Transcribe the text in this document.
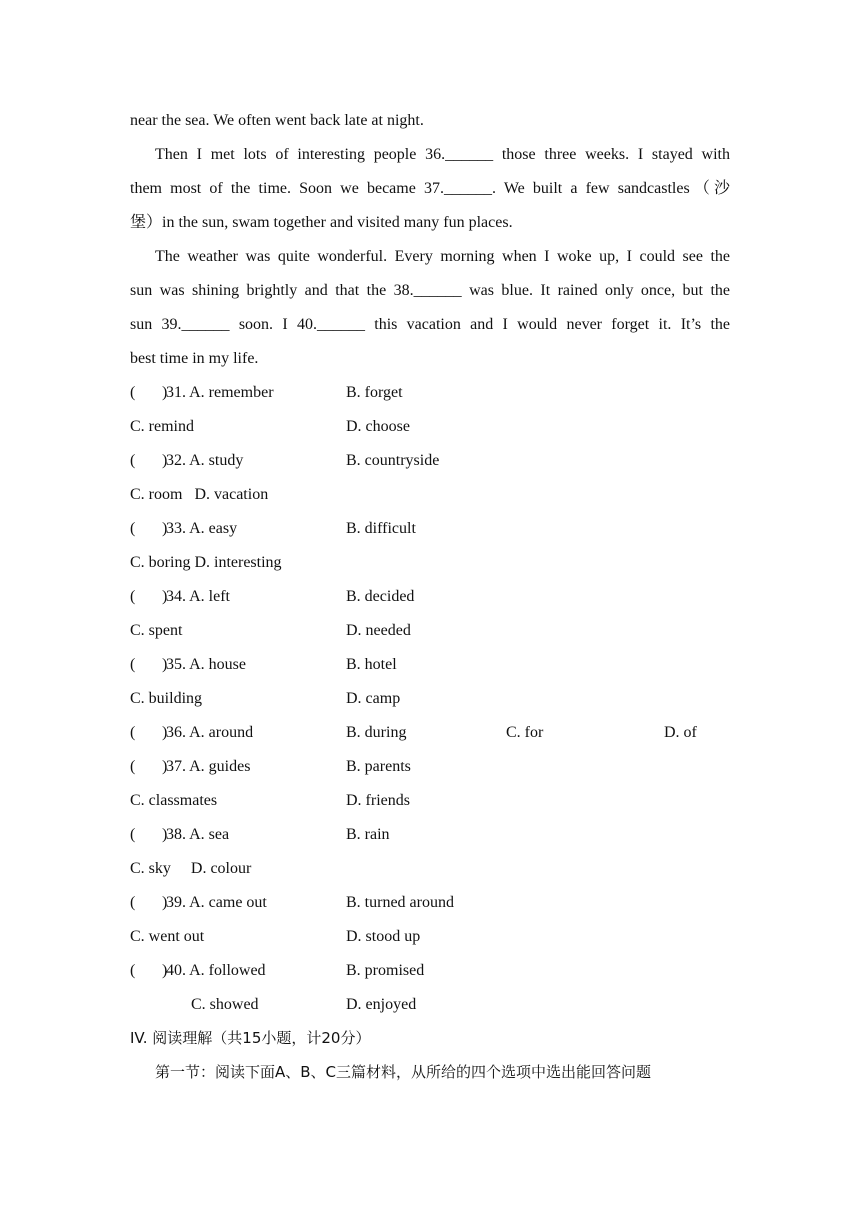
near the sea. We often went back late at night.
Then I met lots of interesting people 36.______ those three weeks. I stayed with
them most of the time. Soon we became 37.______. We built a few sandcastles（沙
堡）in the sun, swam together and visited many fun places.
The weather was quite wonderful. Every morning when I woke up, I could see the
sun was shining brightly and that the 38.______ was blue. It rained only once, but the
sun 39.______ soon. I 40.______ this vacation and I would never forget it. It’s the
best time in my life.
( )
31. A. remember	B. forget
C. remind	D. choose
( )
32. A. study	B. countryside
C. room   D. vacation
( )
33. A. easy	B. difficult
C. boring D. interesting
( )
34. A. left	B. decided
C. spent	D. needed
( )
35. A. house	B. hotel
C. building	D. camp
( )
36. A. around	B. during	C. for	D. of
( )
37. A. guides	B. parents
C. classmates	D. friends
( )
38. A. sea	B. rain
C. sky     D. colour
( )
39. A. came out	B. turned around
C. went out	D. stood up
( )
40. A. followed	B. promised
C. showed	D. enjoyed
IV. 阅读理解（共15小题，计20分）
第一节：阅读下面A、B、C三篇材料，从所给的四个选项中选出能回答问题
